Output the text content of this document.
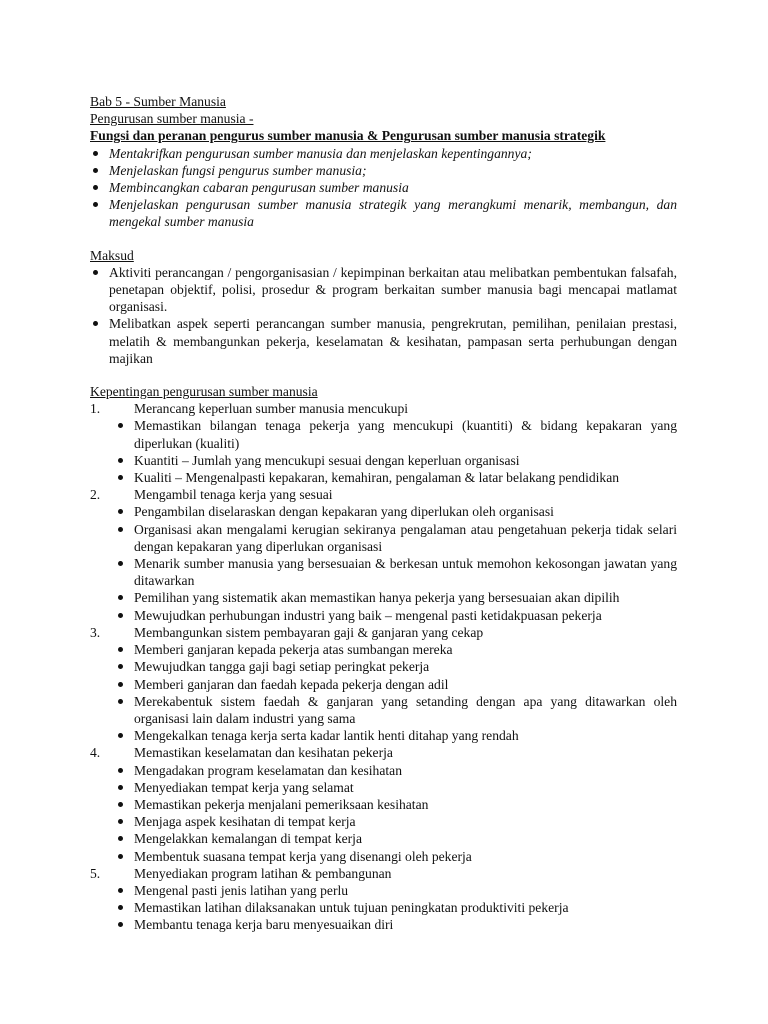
Bab 5 - Sumber Manusia
Pengurusan sumber manusia -
Fungsi dan peranan pengurus sumber manusia & Pengurusan sumber manusia strategik
Mentakrifkan pengurusan sumber manusia dan menjelaskan kepentingannya;
Menjelaskan fungsi pengurus sumber manusia;
Membincangkan cabaran pengurusan sumber manusia
Menjelaskan pengurusan sumber manusia strategik yang merangkumi menarik, membangun, dan mengekal sumber manusia
Maksud
Aktiviti perancangan / pengorganisasian / kepimpinan berkaitan atau melibatkan pembentukan falsafah, penetapan objektif, polisi, prosedur & program berkaitan sumber manusia bagi mencapai matlamat organisasi.
Melibatkan aspek seperti perancangan sumber manusia, pengrekrutan, pemilihan, penilaian prestasi, melatih & membangunkan pekerja, keselamatan & kesihatan, pampasan serta perhubungan dengan majikan
Kepentingan pengurusan sumber manusia
1.	Merancang keperluan sumber manusia mencukupi
Memastikan bilangan tenaga pekerja yang mencukupi (kuantiti) & bidang kepakaran yang diperlukan (kualiti)
Kuantiti – Jumlah yang mencukupi sesuai dengan keperluan organisasi
Kualiti – Mengenalpasti kepakaran, kemahiran, pengalaman & latar belakang pendidikan
2.	Mengambil tenaga kerja yang sesuai
Pengambilan diselaraskan dengan kepakaran yang diperlukan oleh organisasi
Organisasi akan mengalami kerugian sekiranya pengalaman atau pengetahuan pekerja tidak selari dengan kepakaran yang diperlukan organisasi
Menarik sumber manusia yang bersesuaian & berkesan untuk memohon kekosongan jawatan yang ditawarkan
Pemilihan yang sistematik akan memastikan hanya pekerja yang bersesuaian akan dipilih
Mewujudkan perhubungan industri yang baik – mengenal pasti ketidakpuasan pekerja
3.	Membangunkan sistem pembayaran gaji & ganjaran yang cekap
Memberi ganjaran kepada pekerja atas sumbangan mereka
Mewujudkan tangga gaji bagi setiap peringkat pekerja
Memberi ganjaran dan faedah kepada pekerja dengan adil
Merekabentuk sistem faedah & ganjaran yang setanding dengan apa yang ditawarkan oleh organisasi lain dalam industri yang sama
Mengekalkan tenaga kerja serta kadar lantik henti ditahap yang rendah
4.	Memastikan keselamatan dan kesihatan pekerja
Mengadakan program keselamatan dan kesihatan
Menyediakan tempat kerja yang selamat
Memastikan pekerja menjalani pemeriksaan kesihatan
Menjaga aspek kesihatan di tempat kerja
Mengelakkan kemalangan di tempat kerja
Membentuk suasana tempat kerja yang disenangi oleh pekerja
5.	Menyediakan program latihan & pembangunan
Mengenal pasti jenis latihan yang perlu
Memastikan latihan dilaksanakan untuk tujuan peningkatan produktiviti pekerja
Membantu tenaga kerja baru menyesuaikan diri
